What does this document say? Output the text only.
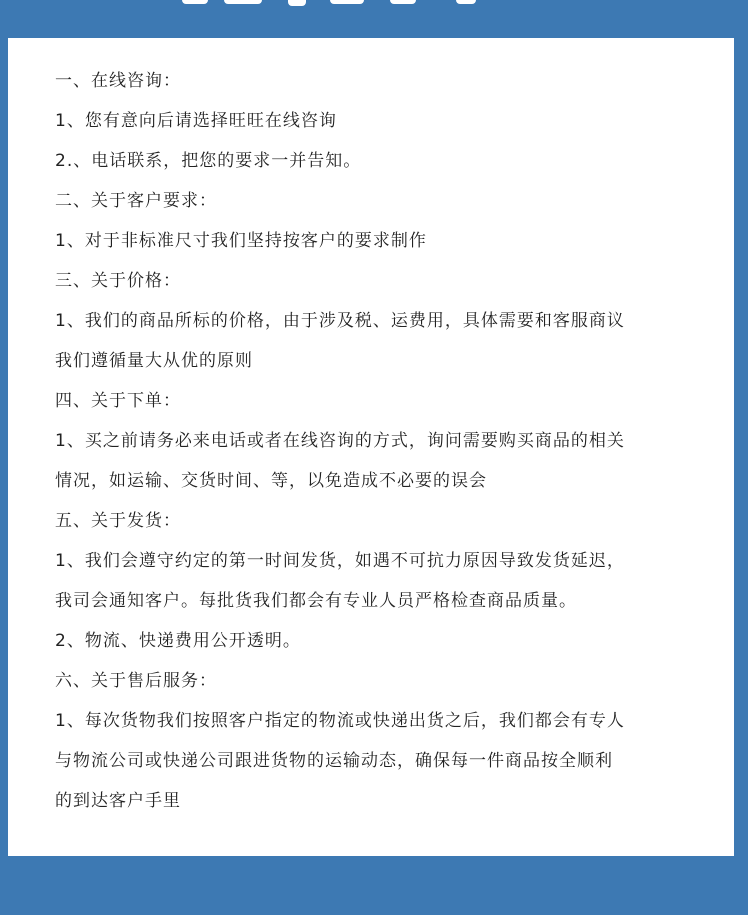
一、在线咨询：
1、您有意向后请选择旺旺在线咨询
2.、电话联系，把您的要求一并告知。
二、关于客户要求：
1、对于非标准尺寸我们坚持按客户的要求制作
三、关于价格：
1、我们的商品所标的价格，由于涉及税、运费用，具体需要和客服商议
我们遵循量大从优的原则
四、关于下单：
1、买之前请务必来电话或者在线咨询的方式，询问需要购买商品的相关
情况，如运输、交货时间、等，以免造成不必要的误会
五、关于发货：
1、我们会遵守约定的第一时间发货，如遇不可抗力原因导致发货延迟，
我司会通知客户。每批货我们都会有专业人员严格检查商品质量。
2、物流、快递费用公开透明。
六、关于售后服务：
1、每次货物我们按照客户指定的物流或快递出货之后，我们都会有专人
与物流公司或快递公司跟进货物的运输动态，确保每一件商品按全顺利
的到达客户手里
